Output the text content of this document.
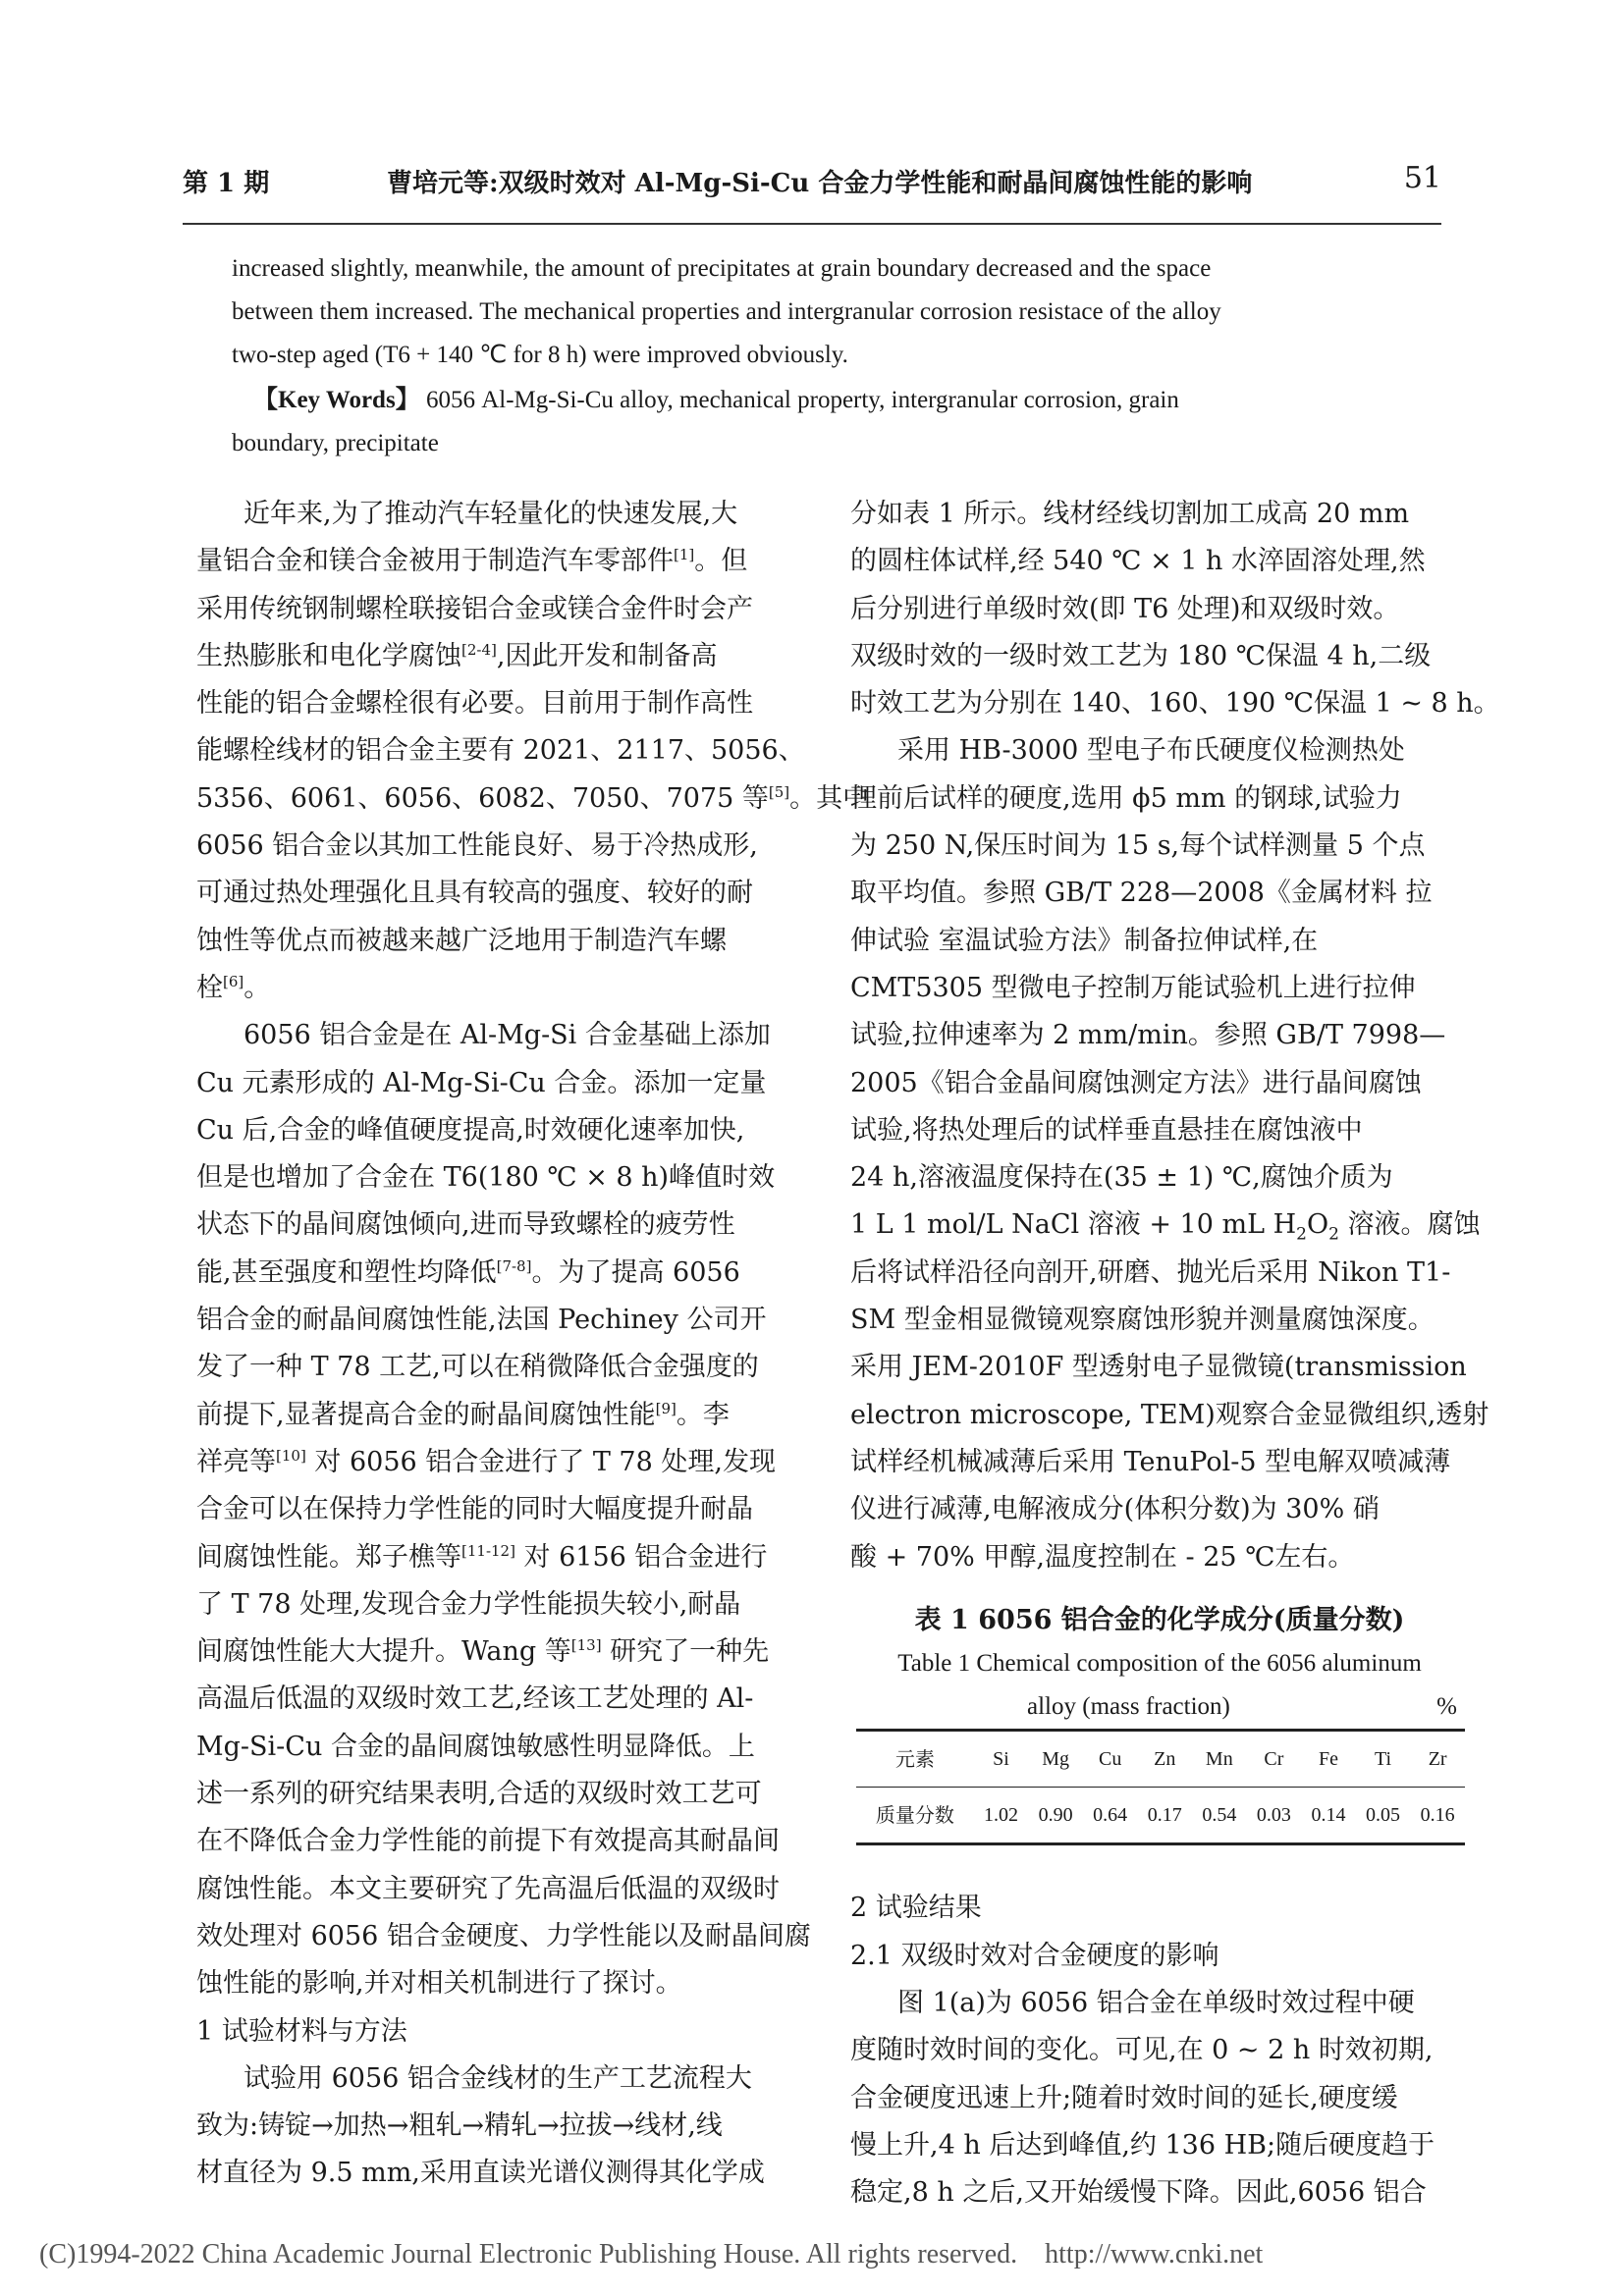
第 1 期	曹培元等:双级时效对 Al-Mg-Si-Cu 合金力学性能和耐晶间腐蚀性能的影响	51
increased slightly, meanwhile, the amount of precipitates at grain boundary decreased and the space
between them increased. The mechanical properties and intergranular corrosion resistace of the alloy
two-step aged (T6 + 140 ℃ for 8 h) were improved obviously.
【Key Words】 6056 Al-Mg-Si-Cu alloy, mechanical property, intergranular corrosion, grain
boundary, precipitate
近年来,为了推动汽车轻量化的快速发展,大
量铝合金和镁合金被用于制造汽车零部件[1]。但
采用传统钢制螺栓联接铝合金或镁合金件时会产
生热膨胀和电化学腐蚀[2-4],因此开发和制备高
性能的铝合金螺栓很有必要。目前用于制作高性
能螺栓线材的铝合金主要有 2021、2117、5056、
5356、6061、6056、6082、7050、7075 等[5]。其中
6056 铝合金以其加工性能良好、易于冷热成形,
可通过热处理强化且具有较高的强度、较好的耐
蚀性等优点而被越来越广泛地用于制造汽车螺
栓[6]。
6056 铝合金是在 Al-Mg-Si 合金基础上添加
Cu 元素形成的 Al-Mg-Si-Cu 合金。添加一定量
Cu 后,合金的峰值硬度提高,时效硬化速率加快,
但是也增加了合金在 T6(180 ℃ × 8 h)峰值时效
状态下的晶间腐蚀倾向,进而导致螺栓的疲劳性
能,甚至强度和塑性均降低[7-8]。为了提高 6056
铝合金的耐晶间腐蚀性能,法国 Pechiney 公司开
发了一种 T 78 工艺,可以在稍微降低合金强度的
前提下,显著提高合金的耐晶间腐蚀性能[9]。李
祥亮等[10] 对 6056 铝合金进行了 T 78 处理,发现
合金可以在保持力学性能的同时大幅度提升耐晶
间腐蚀性能。郑子樵等[11-12] 对 6156 铝合金进行
了 T 78 处理,发现合金力学性能损失较小,耐晶
间腐蚀性能大大提升。Wang 等[13] 研究了一种先
高温后低温的双级时效工艺,经该工艺处理的 Al-
Mg-Si-Cu 合金的晶间腐蚀敏感性明显降低。上
述一系列的研究结果表明,合适的双级时效工艺可
在不降低合金力学性能的前提下有效提高其耐晶间
腐蚀性能。本文主要研究了先高温后低温的双级时
效处理对 6056 铝合金硬度、力学性能以及耐晶间腐
蚀性能的影响,并对相关机制进行了探讨。
1 试验材料与方法
试验用 6056 铝合金线材的生产工艺流程大
致为:铸锭→加热→粗轧→精轧→拉拔→线材,线
材直径为 9.5 mm,采用直读光谱仪测得其化学成
分如表 1 所示。线材经线切割加工成高 20 mm
的圆柱体试样,经 540 ℃ × 1 h 水淬固溶处理,然
后分别进行单级时效(即 T6 处理)和双级时效。
双级时效的一级时效工艺为 180 ℃保温 4 h,二级
时效工艺为分别在 140、160、190 ℃保温 1 ~ 8 h。
采用 HB-3000 型电子布氏硬度仪检测热处
理前后试样的硬度,选用 ϕ5 mm 的钢球,试验力
为 250 N,保压时间为 15 s,每个试样测量 5 个点
取平均值。参照 GB/T 228—2008《金属材料 拉
伸试验 室温试验方法》制备拉伸试样,在
CMT5305 型微电子控制万能试验机上进行拉伸
试验,拉伸速率为 2 mm/min。参照 GB/T 7998—
2005《铝合金晶间腐蚀测定方法》进行晶间腐蚀
试验,将热处理后的试样垂直悬挂在腐蚀液中
24 h,溶液温度保持在(35 ± 1) ℃,腐蚀介质为
1 L 1 mol/L NaCl 溶液 + 10 mL $H_2O_2$ 溶液。腐蚀
后将试样沿径向剖开,研磨、抛光后采用 Nikon T1-
SM 型金相显微镜观察腐蚀形貌并测量腐蚀深度。
采用 JEM-2010F 型透射电子显微镜(transmission
electron microscope, TEM)观察合金显微组织,透射
试样经机械减薄后采用 TenuPol-5 型电解双喷减薄
仪进行减薄,电解液成分(体积分数)为 30% 硝
酸 + 70% 甲醇,温度控制在 - 25 ℃左右。
表 1 6056 铝合金的化学成分(质量分数)
Table 1 Chemical composition of the 6056 aluminum
alloy (mass fraction)	%
元素	Si	Mg	Cu	Zn	Mn	Cr	Fe	Ti	Zr
质量分数	1.02	0.90	0.64	0.17	0.54	0.03	0.14	0.05	0.16
2 试验结果
2.1 双级时效对合金硬度的影响
图 1(a)为 6056 铝合金在单级时效过程中硬
度随时效时间的变化。可见,在 0 ~ 2 h 时效初期,
合金硬度迅速上升;随着时效时间的延长,硬度缓
慢上升,4 h 后达到峰值,约 136 HB;随后硬度趋于
稳定,8 h 之后,又开始缓慢下降。因此,6056 铝合
(C)1994-2022 China Academic Journal Electronic Publishing House. All rights reserved. http://www.cnki.net
